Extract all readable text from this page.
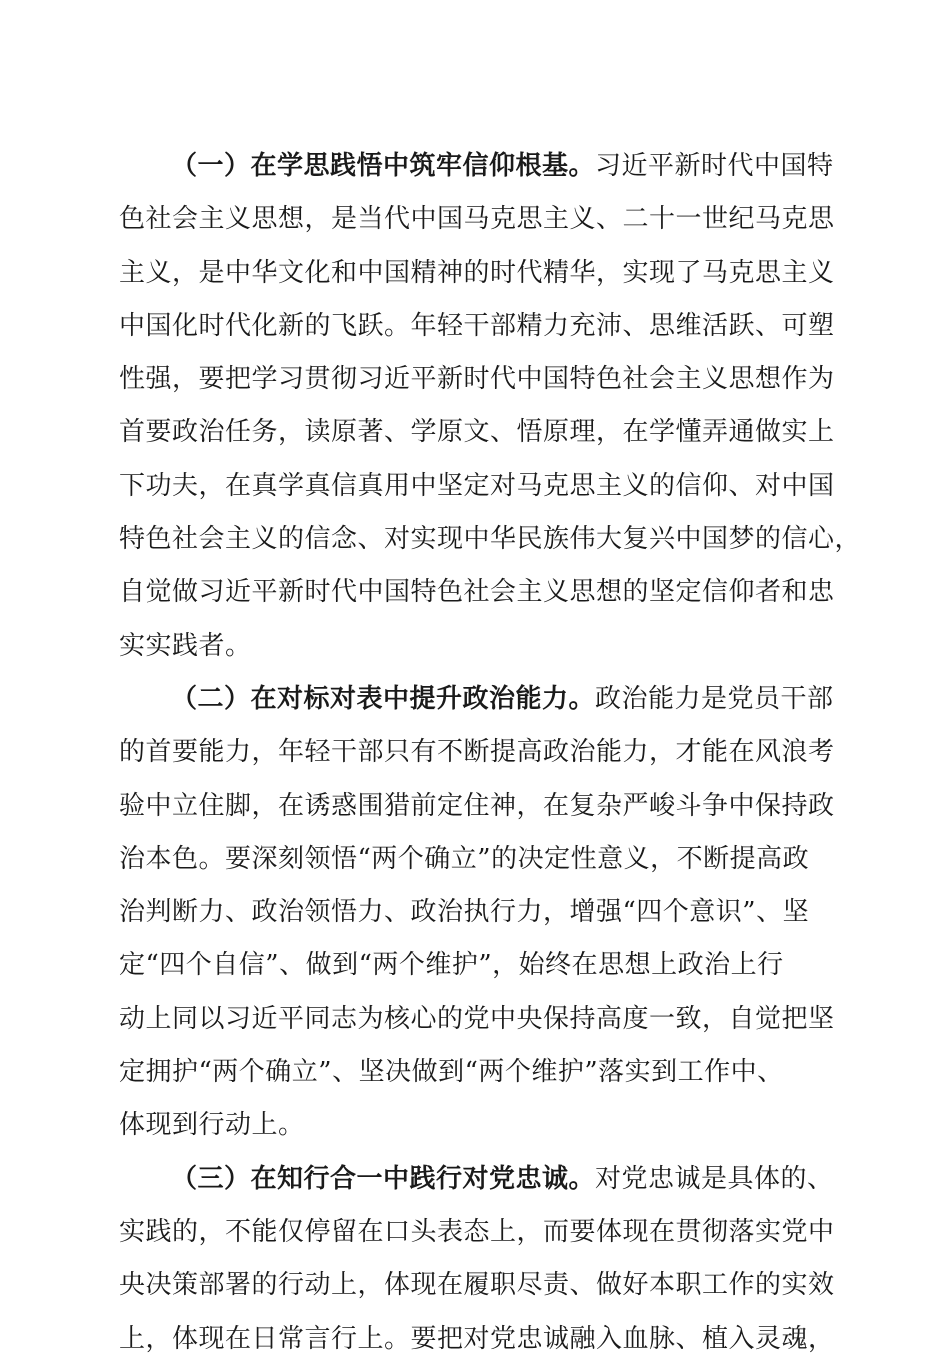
（一）在学思践悟中筑牢信仰根基。习近平新时代中国特
色社会主义思想，是当代中国马克思主义、二十一世纪马克思
主义，是中华文化和中国精神的时代精华，实现了马克思主义
中国化时代化新的飞跃。年轻干部精力充沛、思维活跃、可塑
性强，要把学习贯彻习近平新时代中国特色社会主义思想作为
首要政治任务，读原著、学原文、悟原理，在学懂弄通做实上
下功夫，在真学真信真用中坚定对马克思主义的信仰、对中国
特色社会主义的信念、对实现中华民族伟大复兴中国梦的信心，
自觉做习近平新时代中国特色社会主义思想的坚定信仰者和忠
实实践者。
（二）在对标对表中提升政治能力。政治能力是党员干部
的首要能力，年轻干部只有不断提高政治能力，才能在风浪考
验中立住脚，在诱惑围猎前定住神，在复杂严峻斗争中保持政
治本色。要深刻领悟“两个确立”的决定性意义，不断提高政
治判断力、政治领悟力、政治执行力，增强“四个意识”、坚
定“四个自信”、做到“两个维护”，始终在思想上政治上行
动上同以习近平同志为核心的党中央保持高度一致，自觉把坚
定拥护“两个确立”、坚决做到“两个维护”落实到工作中、
体现到行动上。
（三）在知行合一中践行对党忠诚。对党忠诚是具体的、
实践的，不能仅停留在口头表态上，而要体现在贯彻落实党中
央决策部署的行动上，体现在履职尽责、做好本职工作的实效
上，体现在日常言行上。要把对党忠诚融入血脉、植入灵魂，
